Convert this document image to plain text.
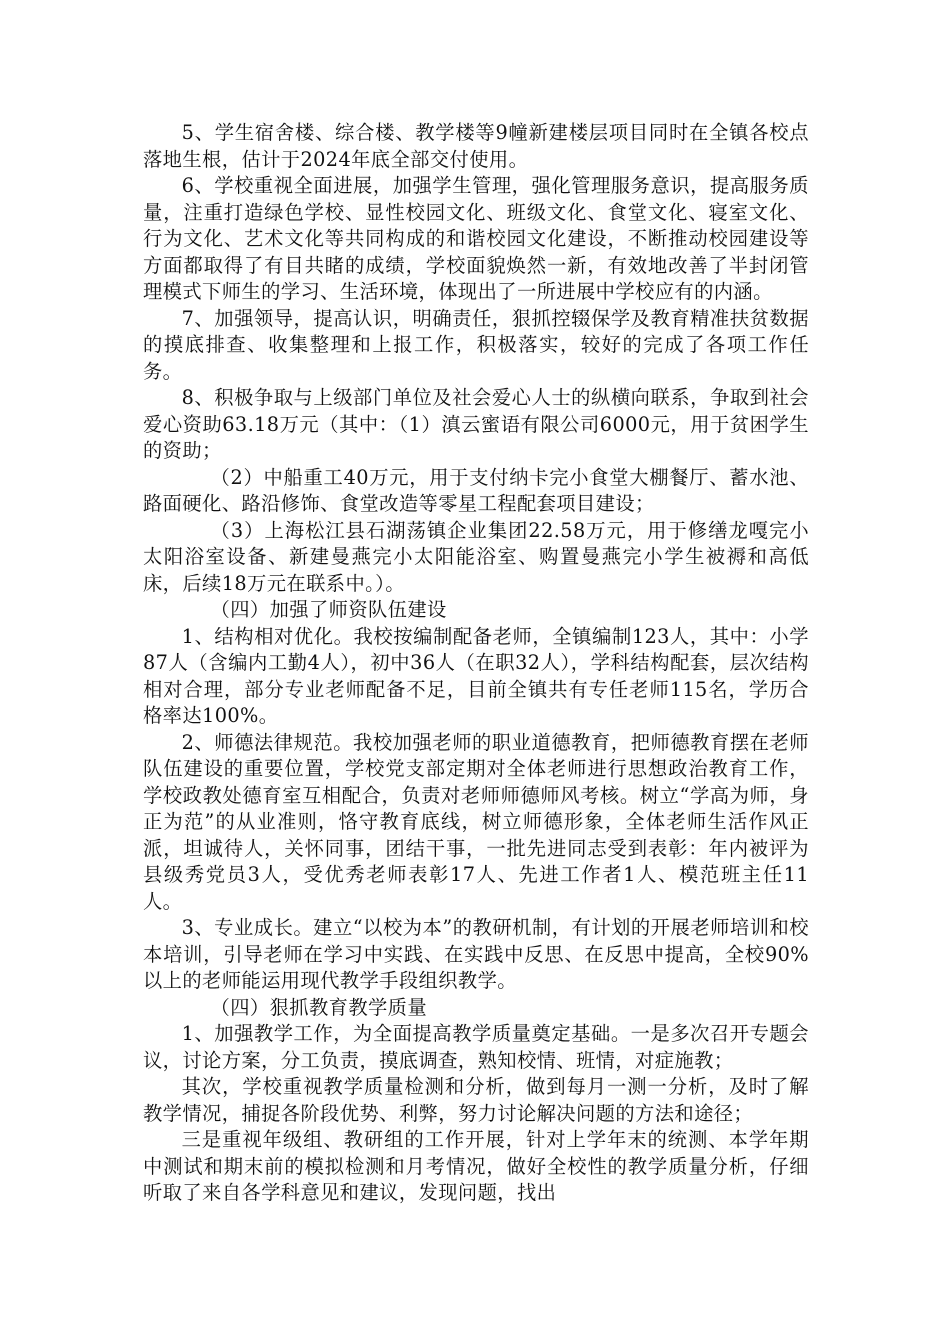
5、学生宿舍楼、综合楼、教学楼等9幢新建楼层项目同时在全镇各校点落地生根，估计于2024年底全部交付使用。

6、学校重视全面进展，加强学生管理，强化管理服务意识，提高服务质量，注重打造绿色学校、显性校园文化、班级文化、食堂文化、寝室文化、行为文化、艺术文化等共同构成的和谐校园文化建设，不断推动校园建设等方面都取得了有目共睹的成绩，学校面貌焕然一新，有效地改善了半封闭管理模式下师生的学习、生活环境，体现出了一所进展中学校应有的内涵。

7、加强领导，提高认识，明确责任，狠抓控辍保学及教育精准扶贫数据的摸底排查、收集整理和上报工作，积极落实，较好的完成了各项工作任务。

8、积极争取与上级部门单位及社会爱心人士的纵横向联系，争取到社会爱心资助63.18万元（其中：（1）滇云蜜语有限公司6000元，用于贫困学生的资助；

（2）中船重工40万元，用于支付纳卡完小食堂大棚餐厅、蓄水池、路面硬化、路沿修饰、食堂改造等零星工程配套项目建设；

（3）上海松江县石湖荡镇企业集团22.58万元，用于修缮龙嘎完小太阳浴室设备、新建曼燕完小太阳能浴室、购置曼燕完小学生被褥和高低床，后续18万元在联系中。）。

（四）加强了师资队伍建设

1、结构相对优化。我校按编制配备老师，全镇编制123人，其中：小学87人（含编内工勤4人），初中36人（在职32人），学科结构配套，层次结构相对合理，部分专业老师配备不足，目前全镇共有专任老师115名，学历合格率达100%。

2、师德法律规范。我校加强老师的职业道德教育，把师德教育摆在老师队伍建设的重要位置，学校党支部定期对全体老师进行思想政治教育工作，学校政教处德育室互相配合，负责对老师师德师风考核。树立“学高为师，身正为范”的从业准则，恪守教育底线，树立师德形象，全体老师生活作风正派，坦诚待人，关怀同事，团结干事，一批先进同志受到表彰：年内被评为县级秀党员3人，受优秀老师表彰17人、先进工作者1人、模范班主任11人。

3、专业成长。建立“以校为本”的教研机制，有计划的开展老师培训和校本培训，引导老师在学习中实践、在实践中反思、在反思中提高，全校90%以上的老师能运用现代教学手段组织教学。

（四）狠抓教育教学质量

1、加强教学工作，为全面提高教学质量奠定基础。一是多次召开专题会议，讨论方案，分工负责，摸底调查，熟知校情、班情，对症施教；

其次，学校重视教学质量检测和分析，做到每月一测一分析，及时了解教学情况，捕捉各阶段优势、利弊，努力讨论解决问题的方法和途径；

三是重视年级组、教研组的工作开展，针对上学年末的统测、本学年期中测试和期末前的模拟检测和月考情况，做好全校性的教学质量分析，仔细听取了来自各学科意见和建议，发现问题，找出
